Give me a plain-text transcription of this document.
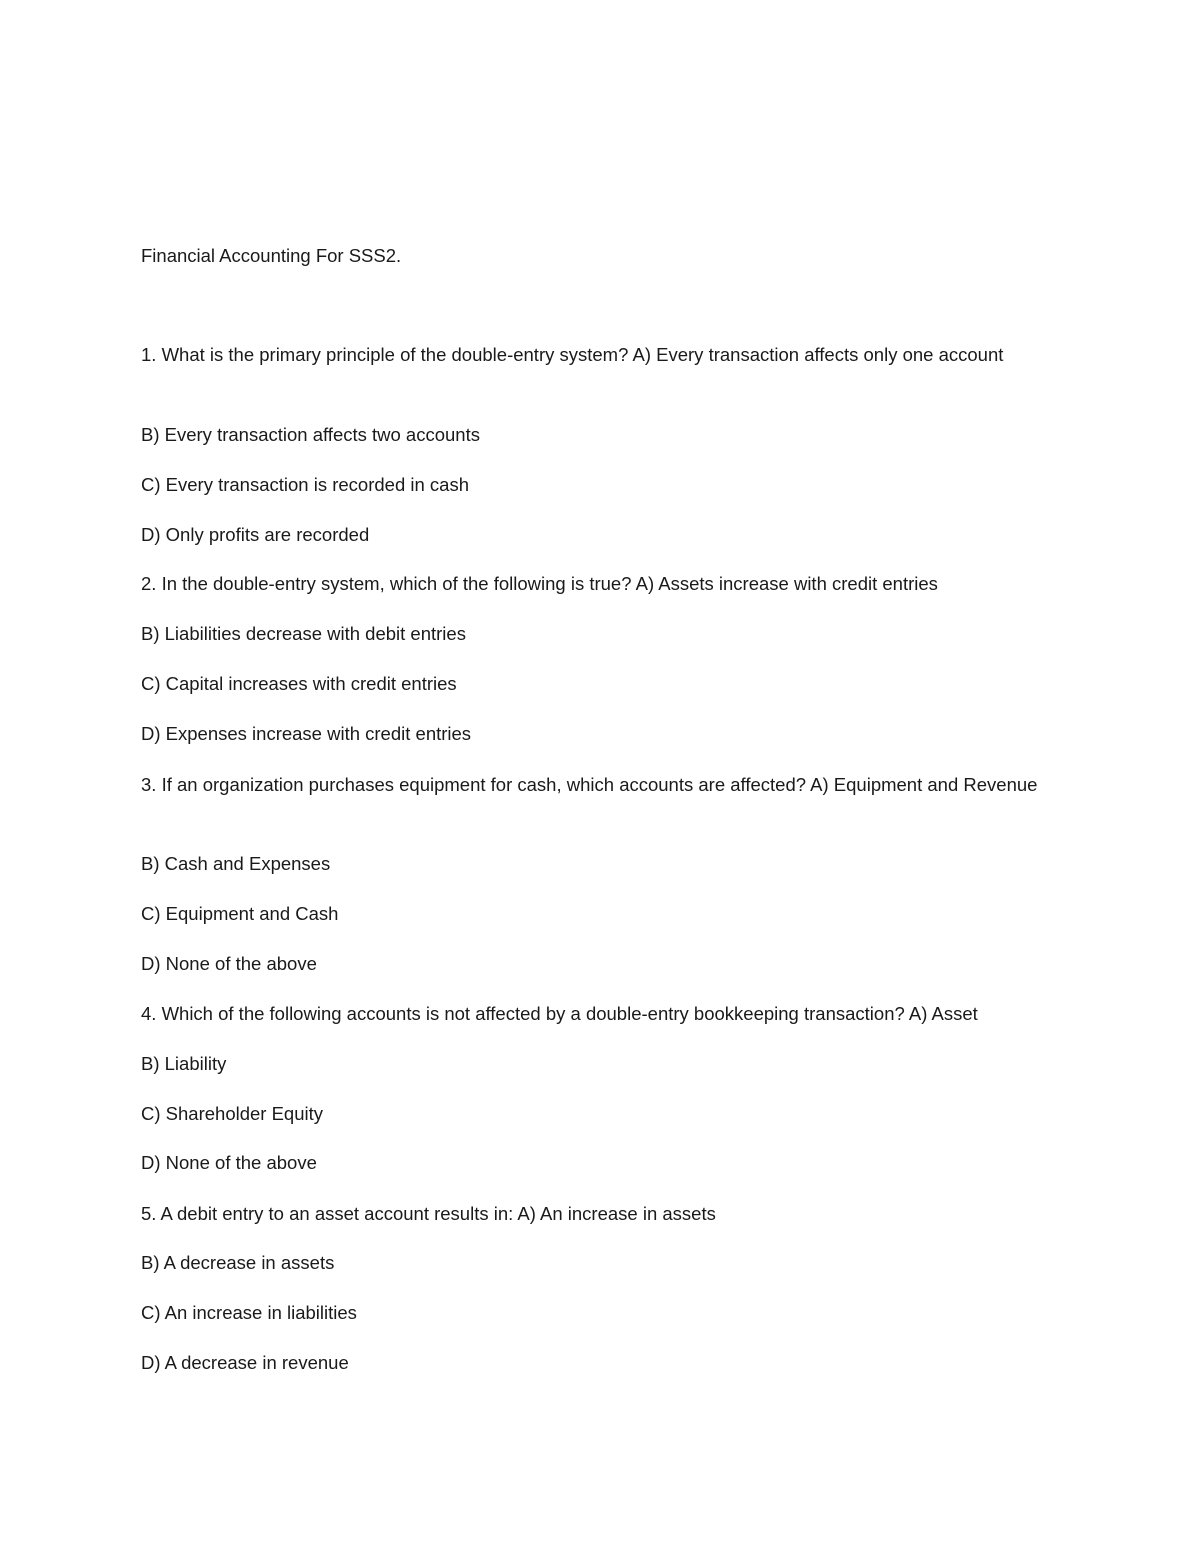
Financial Accounting For SSS2.
1. What is the primary principle of the double-entry system? A) Every transaction affects only one account
B) Every transaction affects two accounts
C) Every transaction is recorded in cash
D) Only profits are recorded
2. In the double-entry system, which of the following is true? A) Assets increase with credit entries
B) Liabilities decrease with debit entries
C) Capital increases with credit entries
D) Expenses increase with credit entries
3. If an organization purchases equipment for cash, which accounts are affected? A) Equipment and Revenue
B) Cash and Expenses
C) Equipment and Cash
D) None of the above
4. Which of the following accounts is not affected by a double-entry bookkeeping transaction? A) Asset
B) Liability
C) Shareholder Equity
D) None of the above
5. A debit entry to an asset account results in: A) An increase in assets
B) A decrease in assets
C) An increase in liabilities
D) A decrease in revenue
